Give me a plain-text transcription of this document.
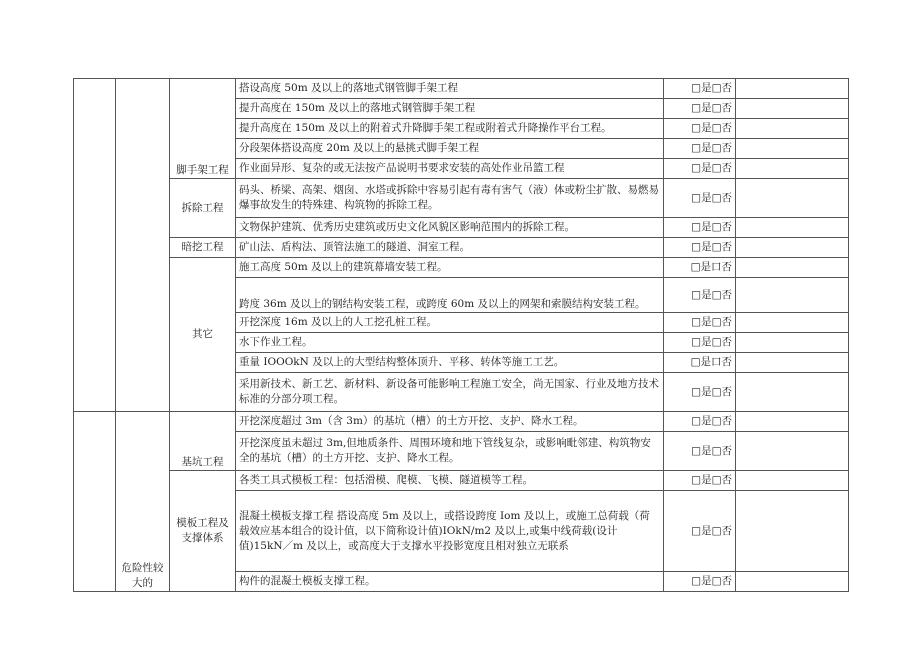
		脚手架工程	搭设高度 50m 及以上的落地式钢管脚手架工程	□是□否	
			提升高度在 150m 及以上的落地式钢管脚手架工程	□是□否	
			提升高度在 150m 及以上的附着式升降脚手架工程或附着式升降操作平台工程。	□是□否	
			分段架体搭设高度 20m 及以上的悬挑式脚手架工程	□是□否	
			作业面异形、复杂的或无法按产品说明书要求安装的高处作业吊篮工程	□是□否	
		拆除工程	码头、桥梁、高架、烟囱、水塔或拆除中容易引起有毒有害气（液）体或粉尘扩散、易燃易爆事故发生的特殊建、构筑物的拆除工程。	□是□否	
			文物保护建筑、优秀历史建筑或历史文化风貌区影响范围内的拆除工程。	□是□否	
		暗挖工程	矿山法、盾构法、顶管法施工的隧道、洞室工程。	□是□否	
		其它	施工高度 50m 及以上的建筑幕墙安装工程。	□是口否	
			跨度 36m 及以上的钢结构安装工程，或跨度 60m 及以上的网架和索膜结构安装工程。	□是□否	
			开挖深度 16m 及以上的人工挖孔桩工程。	□是□否	
			水下作业工程。	□是□否	
			重量 IOOOkN 及以上的大型结构整体顶升、平移、转体等施工工艺。	□是口否	
			采用新技术、新工艺、新材料、新设备可能影响工程施工安全，尚无国家、行业及地方技术标准的分部分项工程。	□是□否	

	危险性较大的	基坑工程	开挖深度超过 3m（含 3m）的基坑（槽）的土方开挖、支护、降水工程。	□是□否	
			开挖深度虽未超过 3m,但地质条件、周围环境和地下管线复杂，或影响毗邻建、构筑物安全的基坑（槽）的土方开挖、支护、降水工程。	□是□否	
		模板工程及支撑体系	各类工具式模板工程：包括滑模、爬模、飞模、隧道模等工程。	□是□否	
			混凝土模板支撑工程 搭设高度 5m 及以上，或搭设跨度 Iom 及以上，或施工总荷载（荷载效应基本组合的设计值，以下简称设计值)IOkN/m2 及以上,或集中线荷载(设计值)15kN／m 及以上，或高度大于支撑水平投影宽度且相对独立无联系	□是□否	
			构件的混凝土模板支撑工程。	□是□否	
